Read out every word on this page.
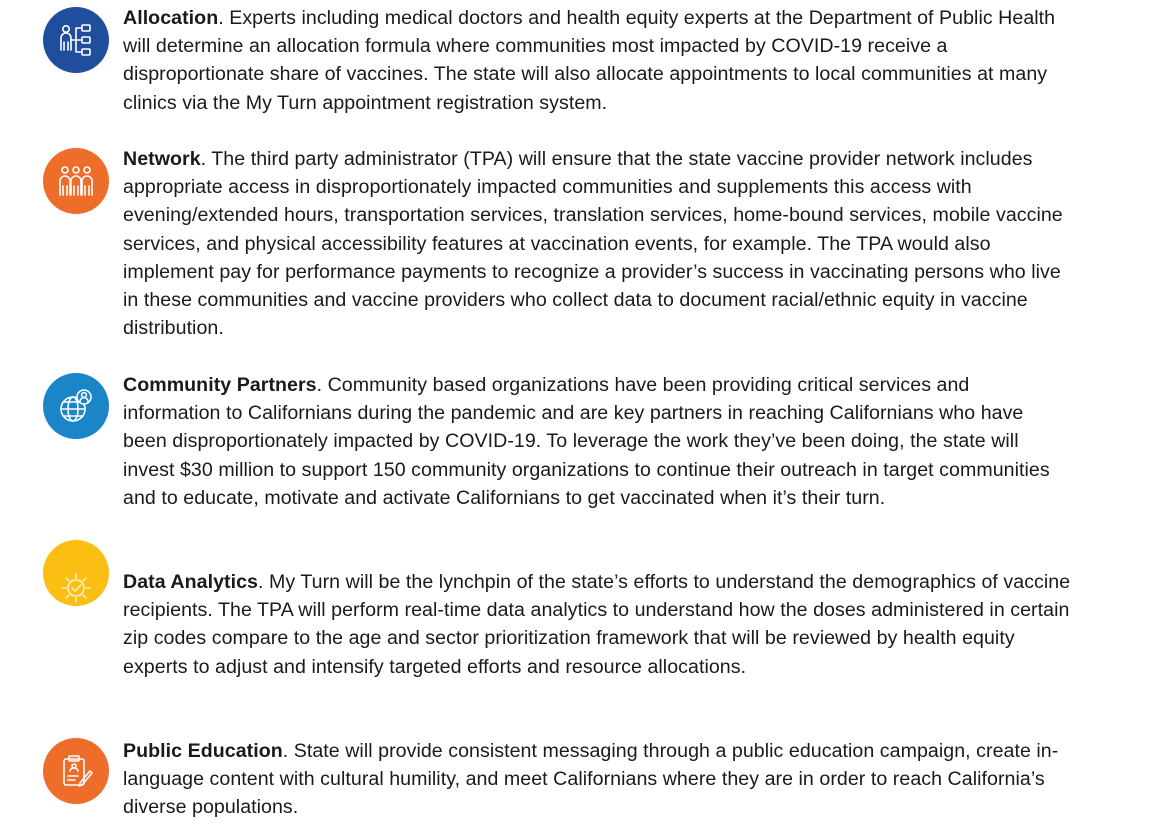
Allocation. Experts including medical doctors and health equity experts at the Department of Public Health will determine an allocation formula where communities most impacted by COVID-19 receive a disproportionate share of vaccines. The state will also allocate appointments to local communities at many clinics via the My Turn appointment registration system.

Network. The third party administrator (TPA) will ensure that the state vaccine provider network includes appropriate access in disproportionately impacted communities and supplements this access with evening/extended hours, transportation services, translation services, home-bound services, mobile vaccine services, and physical accessibility features at vaccination events, for example. The TPA would also implement pay for performance payments to recognize a provider’s success in vaccinating persons who live in these communities and vaccine providers who collect data to document racial/ethnic equity in vaccine distribution.

Community Partners. Community based organizations have been providing critical services and information to Californians during the pandemic and are key partners in reaching Californians who have been disproportionately impacted by COVID-19. To leverage the work they’ve been doing, the state will invest $30 million to support 150 community organizations to continue their outreach in target communities and to educate, motivate and activate Californians to get vaccinated when it’s their turn.

Data Analytics. My Turn will be the lynchpin of the state’s efforts to understand the demographics of vaccine recipients. The TPA will perform real-time data analytics to understand how the doses administered in certain zip codes compare to the age and sector prioritization framework that will be reviewed by health equity experts to adjust and intensify targeted efforts and resource allocations.

Public Education. State will provide consistent messaging through a public education campaign, create in-language content with cultural humility, and meet Californians where they are in order to reach California’s diverse populations.
